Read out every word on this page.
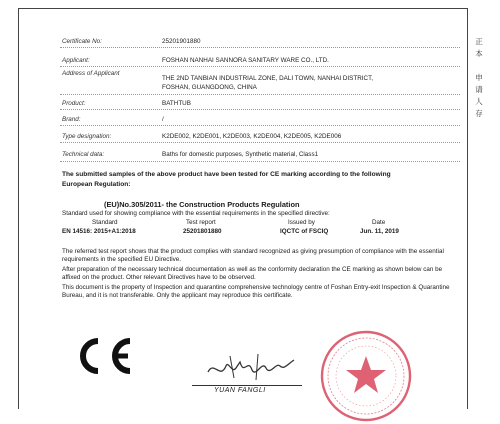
正
本
申
请
人
存
Certificate No:	25201901880
Applicant:	FOSHAN NANHAI SANNORA SANITARY WARE CO., LTD.
Address of Applicant
THE 2ND TANBIAN INDUSTRIAL ZONE, DALI TOWN, NANHAI DISTRICT,
FOSHAN, GUANGDONG, CHINA
Product:	BATHTUB
Brand:	/
Type designation:	K2DE002, K2DE001, K2DE003, K2DE004, K2DE005, K2DE006
Technical data:	Baths for domestic purposes, Synthetic material, Class1
The submitted samples of the above product have been tested for CE marking according to the following
European Regulation:
(EU)No.305/2011- the Construction Products Regulation
Standard used for showing compliance with the essential requirements in the specified directive:
Standard	Test report	Issued by	Date
EN 14516: 2015+A1:2018	25201801880	IQCTC of FSCIQ	Jun. 11, 2019
The referred test report shows that the product complies with standard recognized as giving presumption of compliance with the essential requirements in the specified EU Directive.
After preparation of the necessary technical documentation as well as the conformity declaration the CE marking as shown below can be affixed on the product. Other relevant Directives have to be observed.
This document is the property of Inspection and quarantine comprehensive technology centre of Foshan Entry-exit Inspection & Quarantine Bureau, and it is not transferable. Only the applicant may reproduce this certificate.
YUAN FANGLI
